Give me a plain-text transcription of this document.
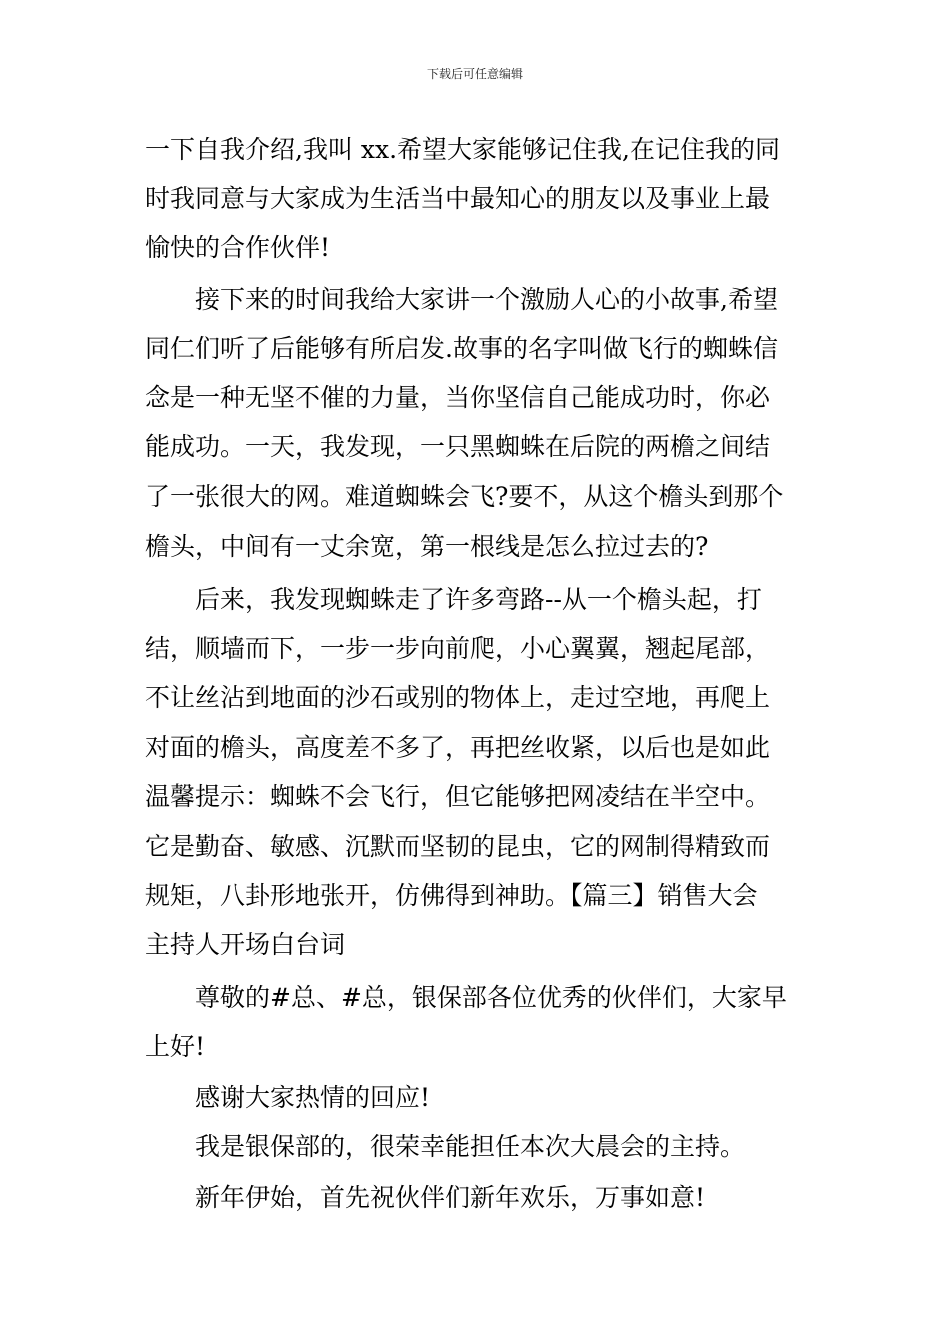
下载后可任意编辑
一下自我介绍,我叫 xx.希望大家能够记住我,在记住我的同
时我同意与大家成为生活当中最知心的朋友以及事业上最
愉快的合作伙伴!
接下来的时间我给大家讲一个激励人心的小故事,希望
同仁们听了后能够有所启发.故事的名字叫做飞行的蜘蛛信
念是一种无坚不催的力量，当你坚信自己能成功时，你必
能成功。一天，我发现，一只黑蜘蛛在后院的两檐之间结
了一张很大的网。难道蜘蛛会飞?要不，从这个檐头到那个
檐头，中间有一丈余宽，第一根线是怎么拉过去的?
后来，我发现蜘蛛走了许多弯路--从一个檐头起，打
结，顺墙而下，一步一步向前爬，小心翼翼，翘起尾部，
不让丝沾到地面的沙石或别的物体上，走过空地，再爬上
对面的檐头，高度差不多了，再把丝收紧，以后也是如此
温馨提示：蜘蛛不会飞行，但它能够把网凌结在半空中。
它是勤奋、敏感、沉默而坚韧的昆虫，它的网制得精致而
规矩，八卦形地张开，仿佛得到神助。【篇三】销售大会
主持人开场白台词
尊敬的#总、#总，银保部各位优秀的伙伴们，大家早
上好!
感谢大家热情的回应!
我是银保部的，很荣幸能担任本次大晨会的主持。
新年伊始，首先祝伙伴们新年欢乐，万事如意!
